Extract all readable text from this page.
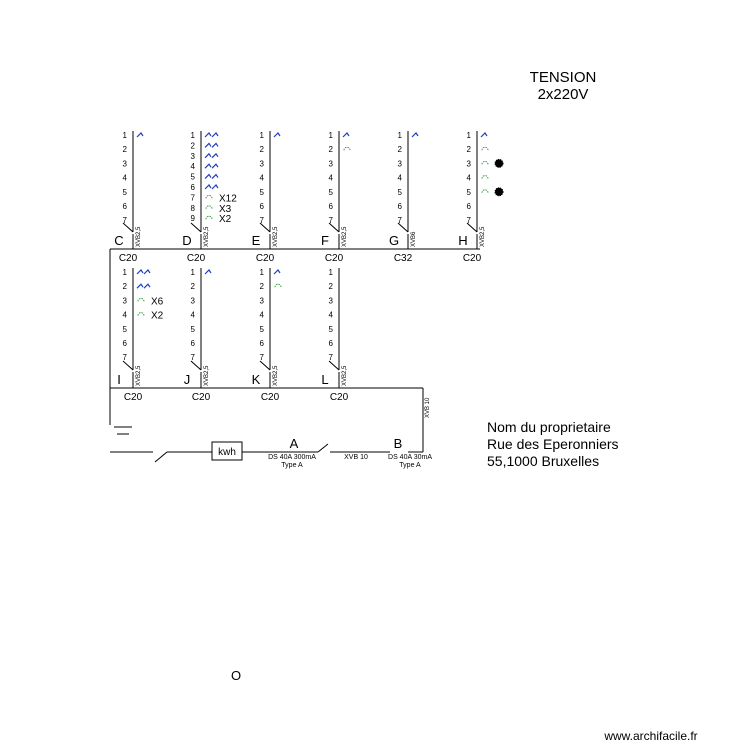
TENSION
2x220V
Nom du proprietaire
Rue des Eperonniers
55,1000 Bruxelles
kwh
A
DS 40A 300mA
Type A
XVB 10
B
DS 40A 30mA
Type A
XVB 10
O
www.archifacile.fr
1
2
3
4
5
6
7
XVB2,5
C
C20
1
2
3
4
5
6
7
8
9
X12
X3
X2
XVB2,5
D
C20
1
2
3
4
5
6
7
XVB2,5
E
C20
1
2
3
4
5
6
7
XVB2,5
F
C20
1
2
3
4
5
6
7
XVB6
G
C32
1
2
3
4
5
6
7
XVB2,5
H
C20
1
2
3
4
5
6
7
X6
X2
XVB2,5
I
C20
1
2
3
4
5
6
7
XVB2,5
J
C20
1
2
3
4
5
6
7
XVB2,5
K
C20
1
2
3
4
5
6
7
XVB2,5
L
C20
